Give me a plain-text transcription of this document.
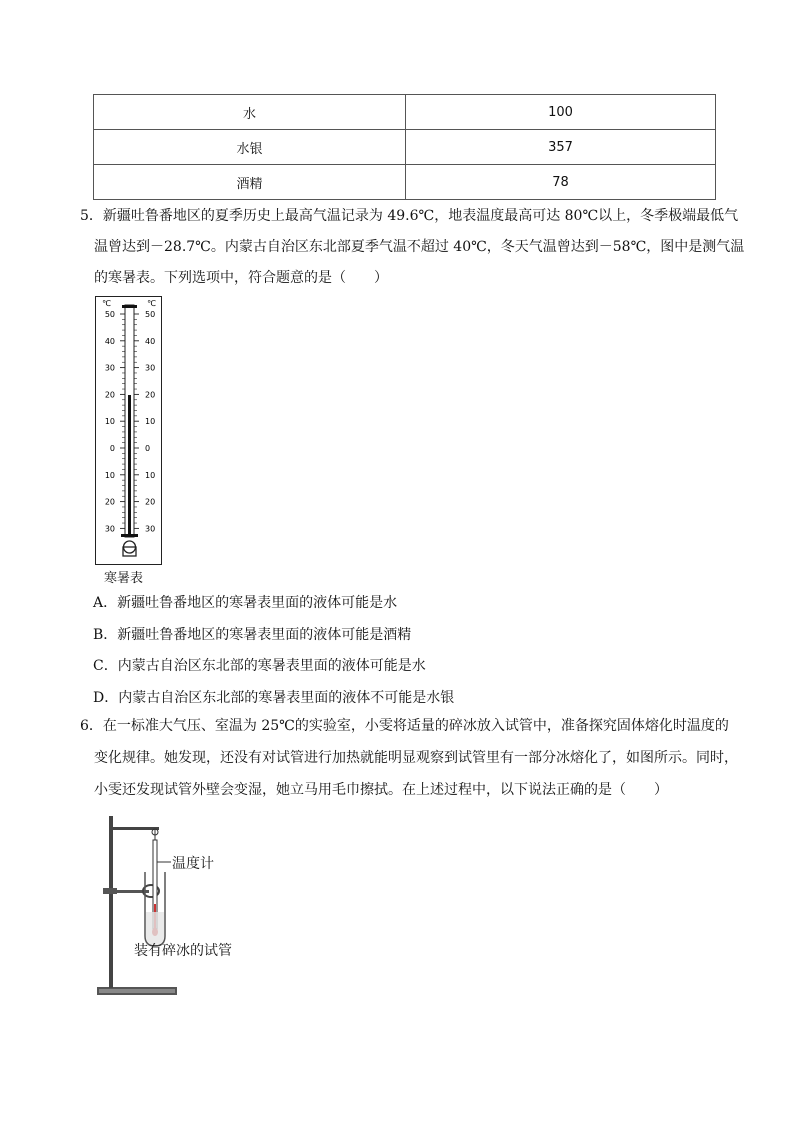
水	100
水银	357
酒精	78
5．新疆吐鲁番地区的夏季历史上最高气温记录为 49.6℃，地表温度最高可达 80℃以上，冬季极端最低气
温曾达到－28.7℃。内蒙古自治区东北部夏季气温不超过 40℃，冬天气温曾达到－58℃，图中是测气温
的寒暑表。下列选项中，符合题意的是（　　）
℃	℃
50	50
40	40
30	30
20	20
10	10
0	0
10	10
20	20
30	30
寒暑表
A．新疆吐鲁番地区的寒暑表里面的液体可能是水
B．新疆吐鲁番地区的寒暑表里面的液体可能是酒精
C．内蒙古自治区东北部的寒暑表里面的液体可能是水
D．内蒙古自治区东北部的寒暑表里面的液体不可能是水银
6．在一标准大气压、室温为 25℃的实验室，小雯将适量的碎冰放入试管中，准备探究固体熔化时温度的
变化规律。她发现，还没有对试管进行加热就能明显观察到试管里有一部分冰熔化了，如图所示。同时，
小雯还发现试管外壁会变湿，她立马用毛巾擦拭。在上述过程中，以下说法正确的是（　　）
温度计
装有碎冰的试管
